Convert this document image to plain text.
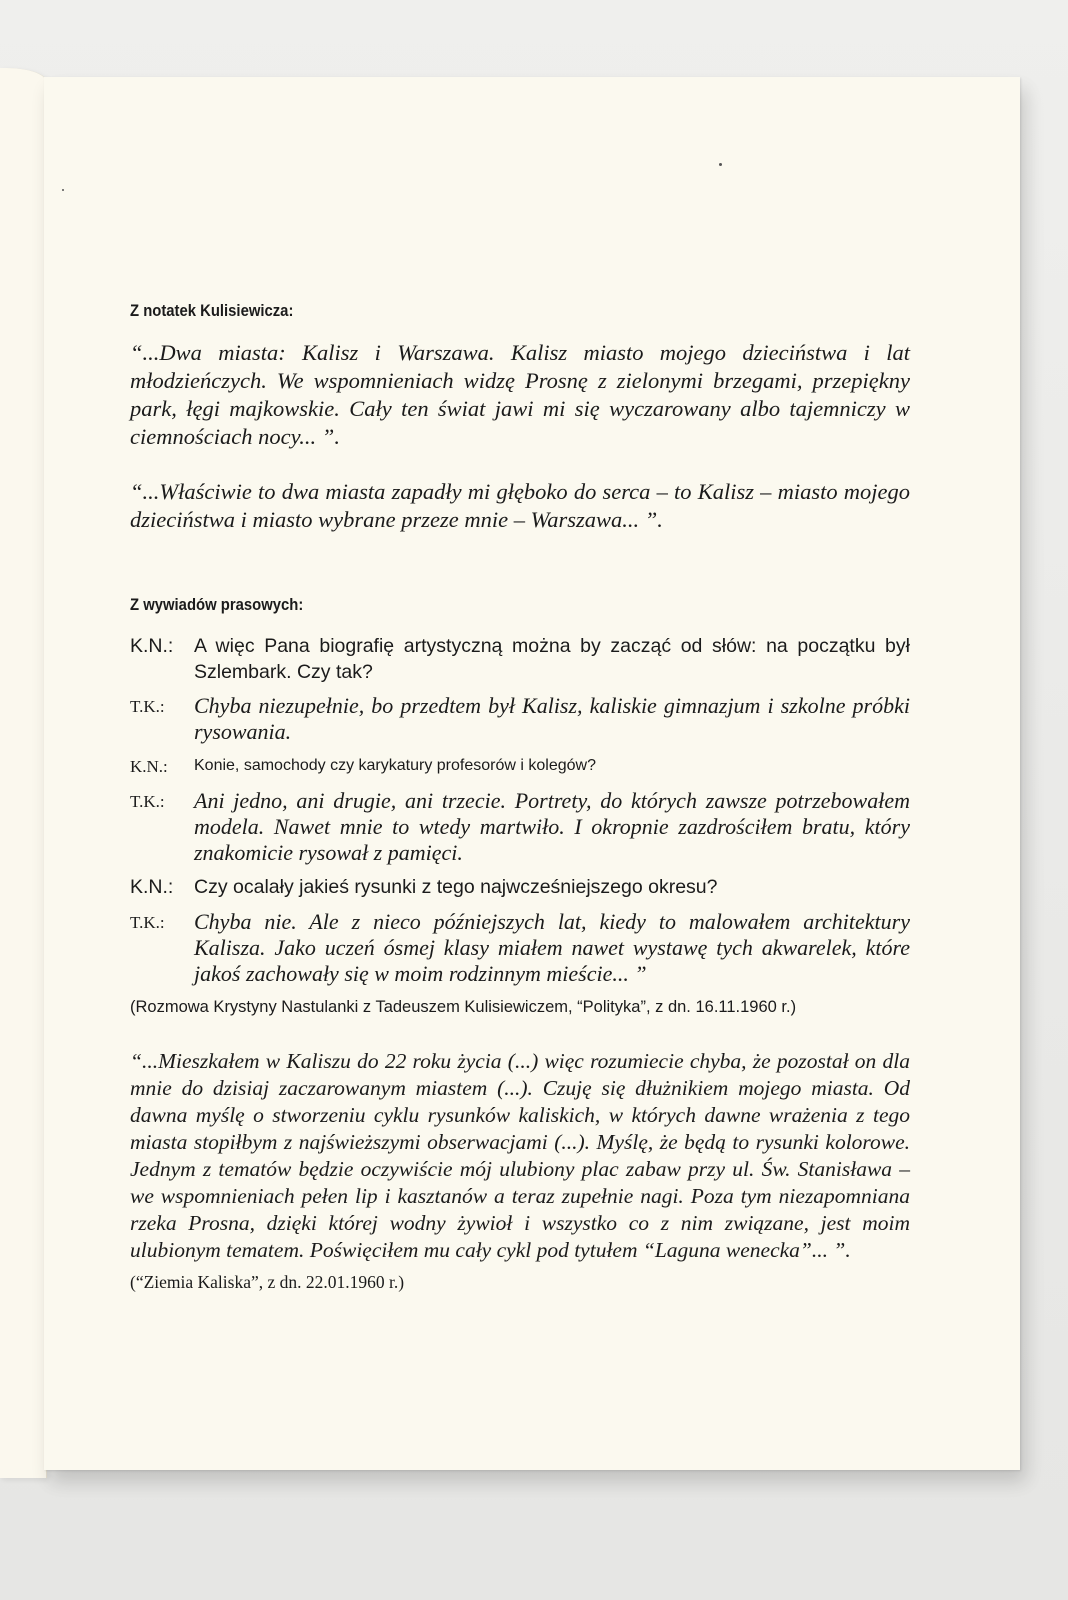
Z notatek Kulisiewicza:

“...Dwa miasta: Kalisz i Warszawa. Kalisz miasto mojego dzieciństwa i lat młodzieńczych. We wspomnieniach widzę Prosnę z zielonymi brzegami, przepiękny park, łęgi majkowskie. Cały ten świat jawi mi się wyczarowany albo tajemniczy w ciemnościach nocy... ”.

“...Właściwie to dwa miasta zapadły mi głęboko do serca – to Kalisz – miasto mojego dzieciństwa i miasto wybrane przeze mnie – Warszawa... ”.

Z wywiadów prasowych:

K.N.:	A więc Pana biografię artystyczną można by zacząć od słów: na początku był Szlembark. Czy tak?
T.K.:	Chyba niezupełnie, bo przedtem był Kalisz, kaliskie gimnazjum i szkolne próbki rysowania.
K.N.:	Konie, samochody czy karykatury profesorów i kolegów?
T.K.:	Ani jedno, ani drugie, ani trzecie. Portrety, do których zawsze potrzebowałem modela. Nawet mnie to wtedy martwiło. I okropnie zazdrościłem bratu, który znakomicie rysował z pamięci.
K.N.:	Czy ocalały jakieś rysunki z tego najwcześniejszego okresu?
T.K.:	Chyba nie. Ale z nieco późniejszych lat, kiedy to malowałem architektury Kalisza. Jako uczeń ósmej klasy miałem nawet wystawę tych akwarelek, które jakoś zachowały się w moim rodzinnym mieście... ”

(Rozmowa Krystyny Nastulanki z Tadeuszem Kulisiewiczem, “Polityka”, z dn. 16.11.1960 r.)

“...Mieszkałem w Kaliszu do 22 roku życia (...) więc rozumiecie chyba, że pozostał on dla mnie do dzisiaj zaczarowanym miastem (...). Czuję się dłużnikiem mojego miasta. Od dawna myślę o stworzeniu cyklu rysunków kaliskich, w których dawne wrażenia z tego miasta stopiłbym z najświeższymi obserwacjami (...). Myślę, że będą to rysunki kolorowe. Jednym z tematów będzie oczywiście mój ulubiony plac zabaw przy ul. Św. Stanisława – we wspomnieniach pełen lip i kasztanów a teraz zupełnie nagi. Poza tym niezapomniana rzeka Prosna, dzięki której wodny żywioł i wszystko co z nim związane, jest moim ulubionym tematem. Poświęciłem mu cały cykl pod tytułem “Laguna wenecka”... ”.

(“Ziemia Kaliska”, z dn. 22.01.1960 r.)
